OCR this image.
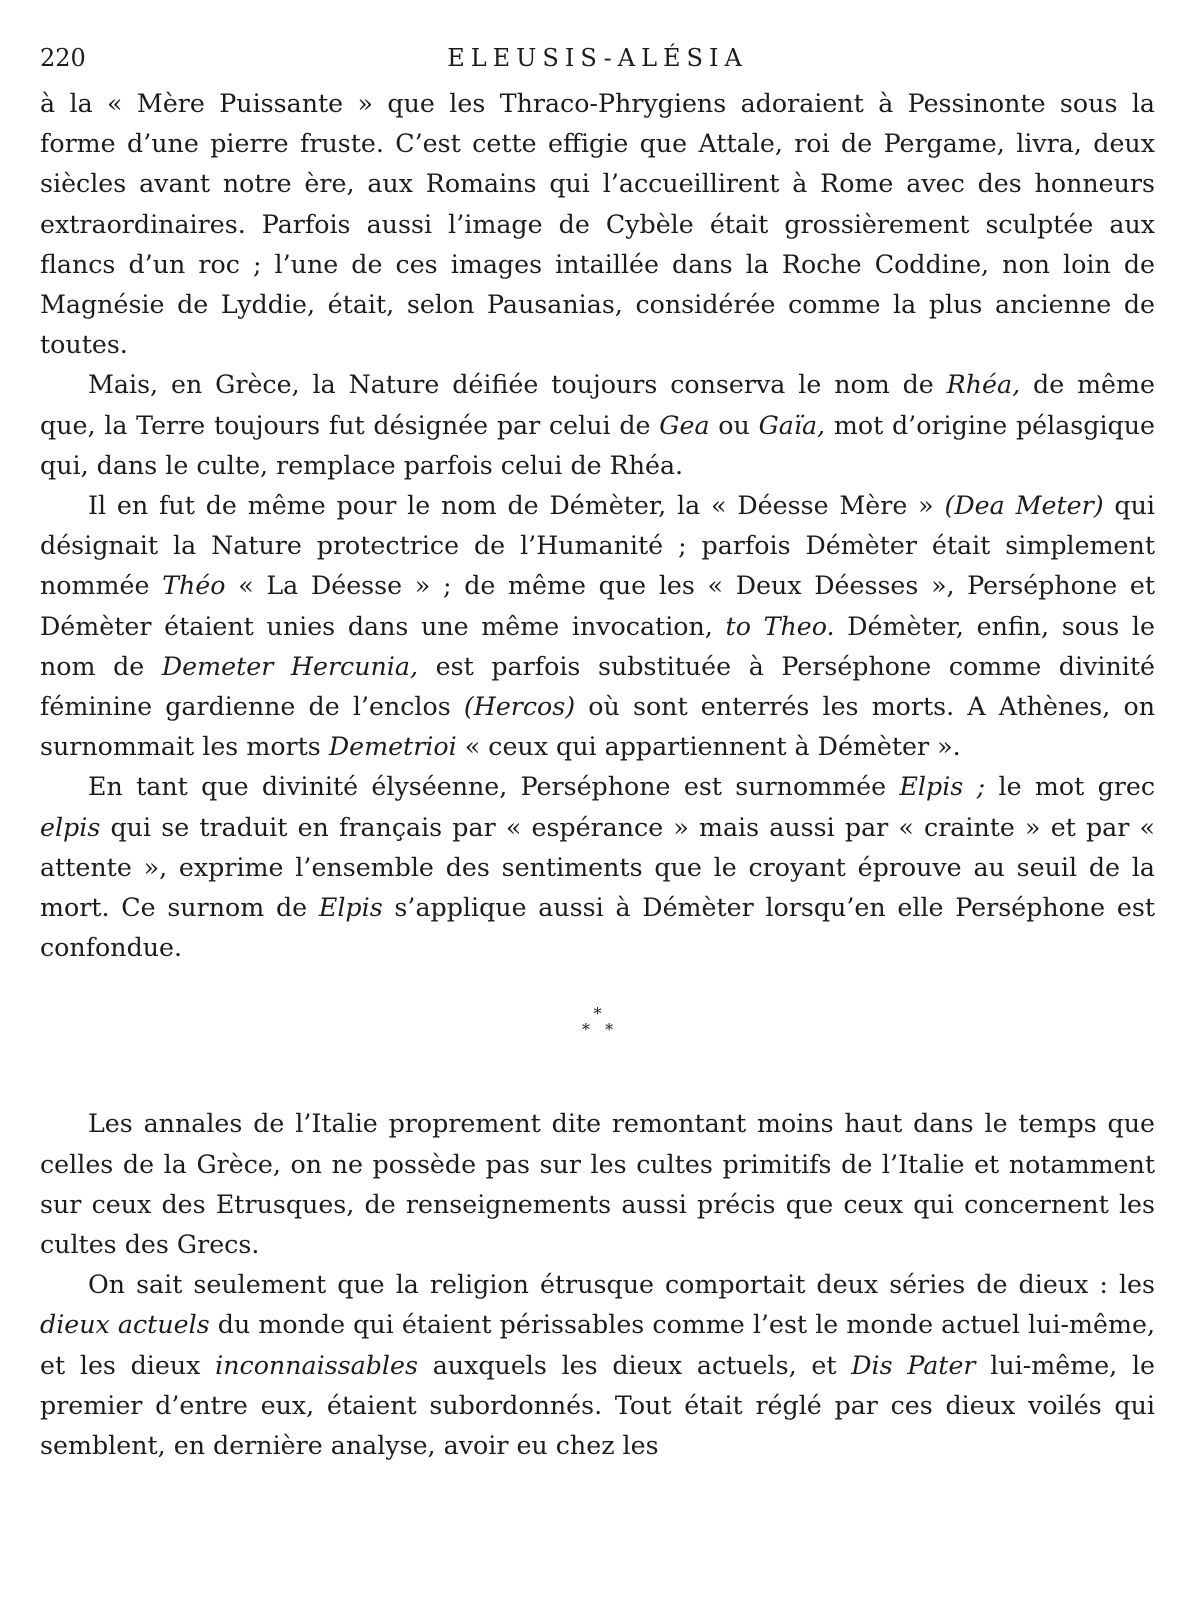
220	ELEUSIS-ALÉSIA

à la « Mère Puissante » que les Thraco-Phrygiens adoraient à Pessinonte sous la forme d’une pierre fruste. C’est cette effigie que Attale, roi de Pergame, livra, deux siècles avant notre ère, aux Romains qui l’accueillirent à Rome avec des honneurs extraordinaires. Parfois aussi l’image de Cybèle était grossièrement sculptée aux flancs d’un roc ; l’une de ces images intaillée dans la Roche Coddine, non loin de Magnésie de Lyddie, était, selon Pausanias, considérée comme la plus ancienne de toutes.

Mais, en Grèce, la Nature déifiée toujours conserva le nom de Rhéa, de même que, la Terre toujours fut désignée par celui de Gea ou Gaïa, mot d’origine pélasgique qui, dans le culte, remplace parfois celui de Rhéa.

Il en fut de même pour le nom de Démèter, la « Déesse Mère » (Dea Meter) qui désignait la Nature protectrice de l’Humanité ; parfois Démèter était simplement nommée Théo « La Déesse » ; de même que les « Deux Déesses », Perséphone et Démèter étaient unies dans une même invocation, to Theo. Démèter, enfin, sous le nom de Demeter Hercunia, est parfois substituée à Perséphone comme divinité féminine gardienne de l’enclos (Hercos) où sont enterrés les morts. A Athènes, on surnommait les morts Demetrioi « ceux qui appartiennent à Démèter ».

En tant que divinité élyséenne, Perséphone est surnommée Elpis ; le mot grec elpis qui se traduit en français par « espérance » mais aussi par « crainte » et par « attente », exprime l’ensemble des sentiments que le croyant éprouve au seuil de la mort. Ce surnom de Elpis s’applique aussi à Démèter lorsqu’en elle Perséphone est confondue.

*
*   *

Les annales de l’Italie proprement dite remontant moins haut dans le temps que celles de la Grèce, on ne possède pas sur les cultes primitifs de l’Italie et notamment sur ceux des Etrusques, de renseignements aussi précis que ceux qui concernent les cultes des Grecs.

On sait seulement que la religion étrusque comportait deux séries de dieux : les dieux actuels du monde qui étaient périssables comme l’est le monde actuel lui-même, et les dieux inconnaissables auxquels les dieux actuels, et Dis Pater lui-même, le premier d’entre eux, étaient subordonnés. Tout était réglé par ces dieux voilés qui semblent, en dernière analyse, avoir eu chez les
